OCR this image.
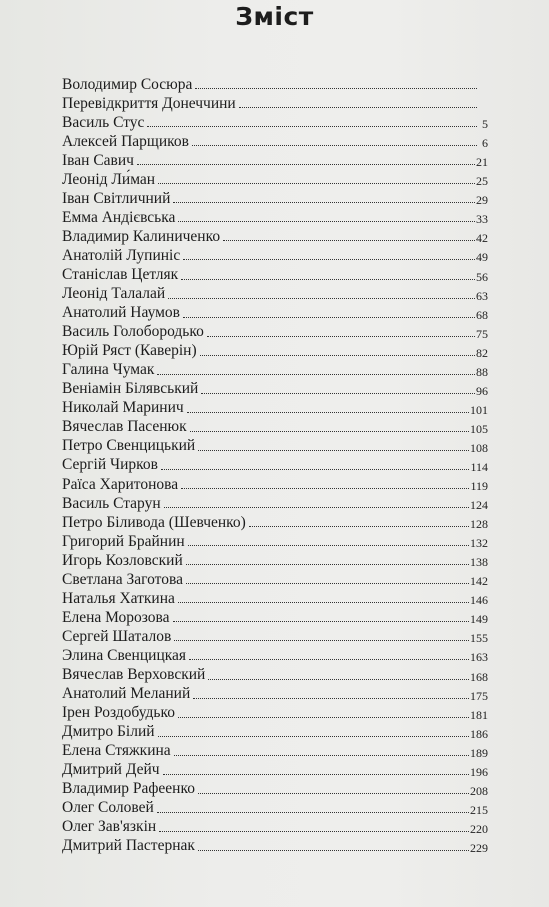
Зміст
Володимир Сосюра
Перевідкриття Донеччини
Василь Стус	5
Алексей Парщиков	6
Іван Савич	21
Леонід Ли́ман	25
Іван Світличний	29
Емма Андієвська	33
Владимир Калиниченко	42
Анатолій Лупиніс	49
Станіслав Цетляк	56
Леонід Талалай	63
Анатолий Наумов	68
Василь Голобородько	75
Юрій Ряст (Каверін)	82
Галина Чумак	88
Веніамін Білявський	96
Николай Маринич	101
Вячеслав Пасенюк	105
Петро Свенцицький	108
Сергій Чирков	114
Раїса Харитонова	119
Василь Старун	124
Петро Біливода (Шевченко)	128
Григорий Брайнин	132
Игорь Козловский	138
Светлана Заготова	142
Наталья Хаткина	146
Елена Морозова	149
Сергей Шаталов	155
Элина Свенцицкая	163
Вячеслав Верховский	168
Анатолий Меланий	175
Ірен Роздобудько	181
Дмитро Білий	186
Елена Стяжкина	189
Дмитрий Дейч	196
Владимир Рафеенко	208
Олег Соловей	215
Олег Зав'язкін	220
Дмитрий Пастернак	229
